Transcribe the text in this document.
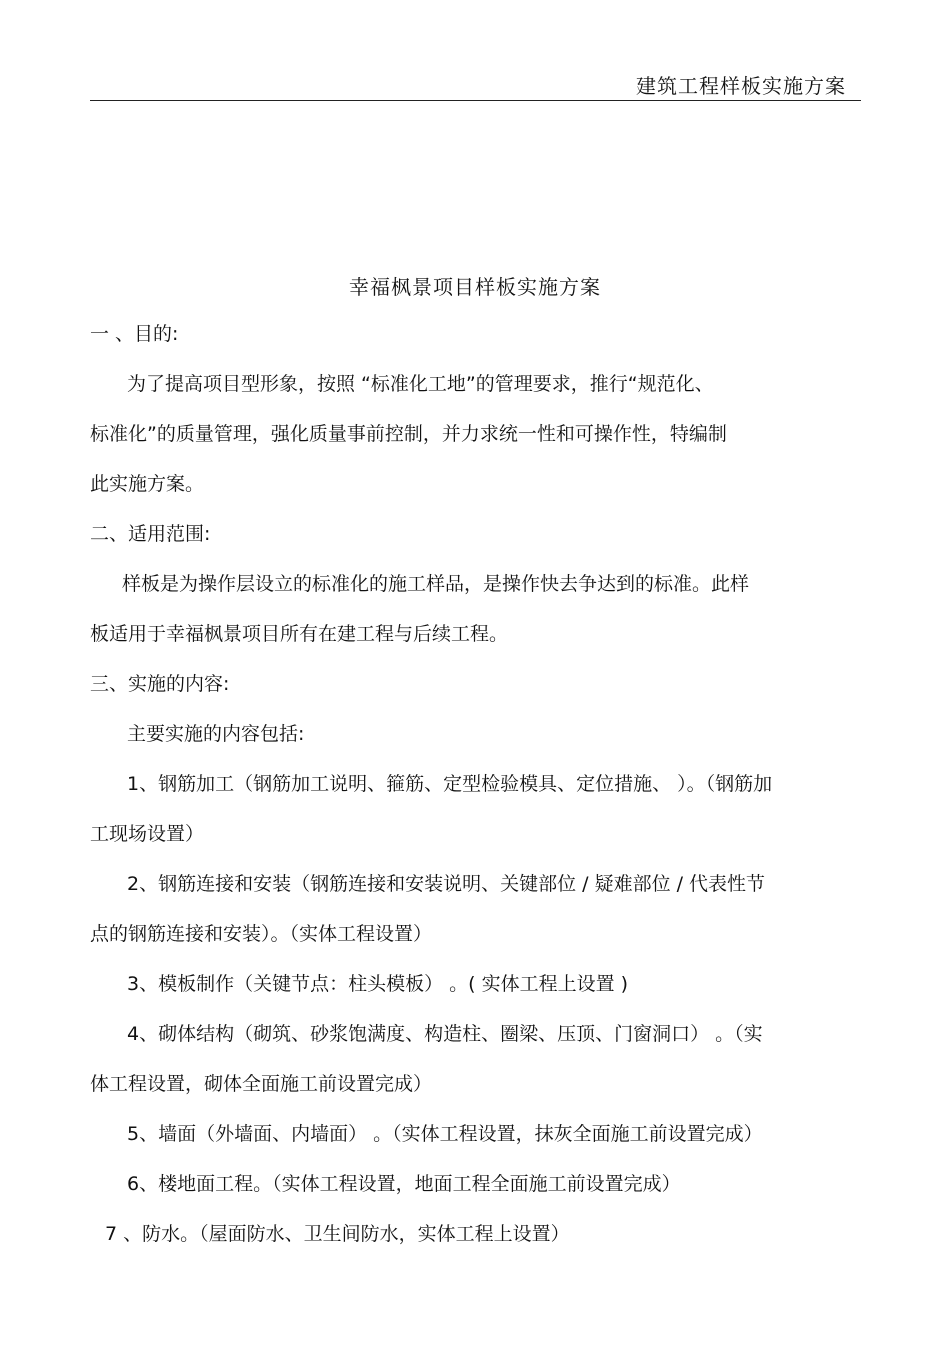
建筑工程样板实施方案
幸福枫景项目样板实施方案
一 、目的:
为了提高项目型形象，按照 “标准化工地”的管理要求，推行“规范化、
标准化”的质量管理，强化质量事前控制，并力求统一性和可操作性，特编制
此实施方案。
二、适用范围:
样板是为操作层设立的标准化的施工样品，是操作快去争达到的标准。此样
板适用于幸福枫景项目所有在建工程与后续工程。
三、实施的内容:
主要实施的内容包括:
1、钢筋加工（钢筋加工说明、箍筋、定型检验模具、定位措施、 ）。（钢筋加
工现场设置）
2、钢筋连接和安装（钢筋连接和安装说明、关键部位 / 疑难部位 / 代表性节
点的钢筋连接和安装）。（实体工程设置）
3、模板制作（关键节点：柱头模板） 。( 实体工程上设置 )
4、砌体结构（砌筑、砂浆饱满度、构造柱、圈梁、压顶、门窗洞口） 。（实
体工程设置，砌体全面施工前设置完成）
5、墙面（外墙面、内墙面） 。（实体工程设置，抹灰全面施工前设置完成）
6、楼地面工程。（实体工程设置，地面工程全面施工前设置完成）
7 、防水。（屋面防水、卫生间防水，实体工程上设置）
